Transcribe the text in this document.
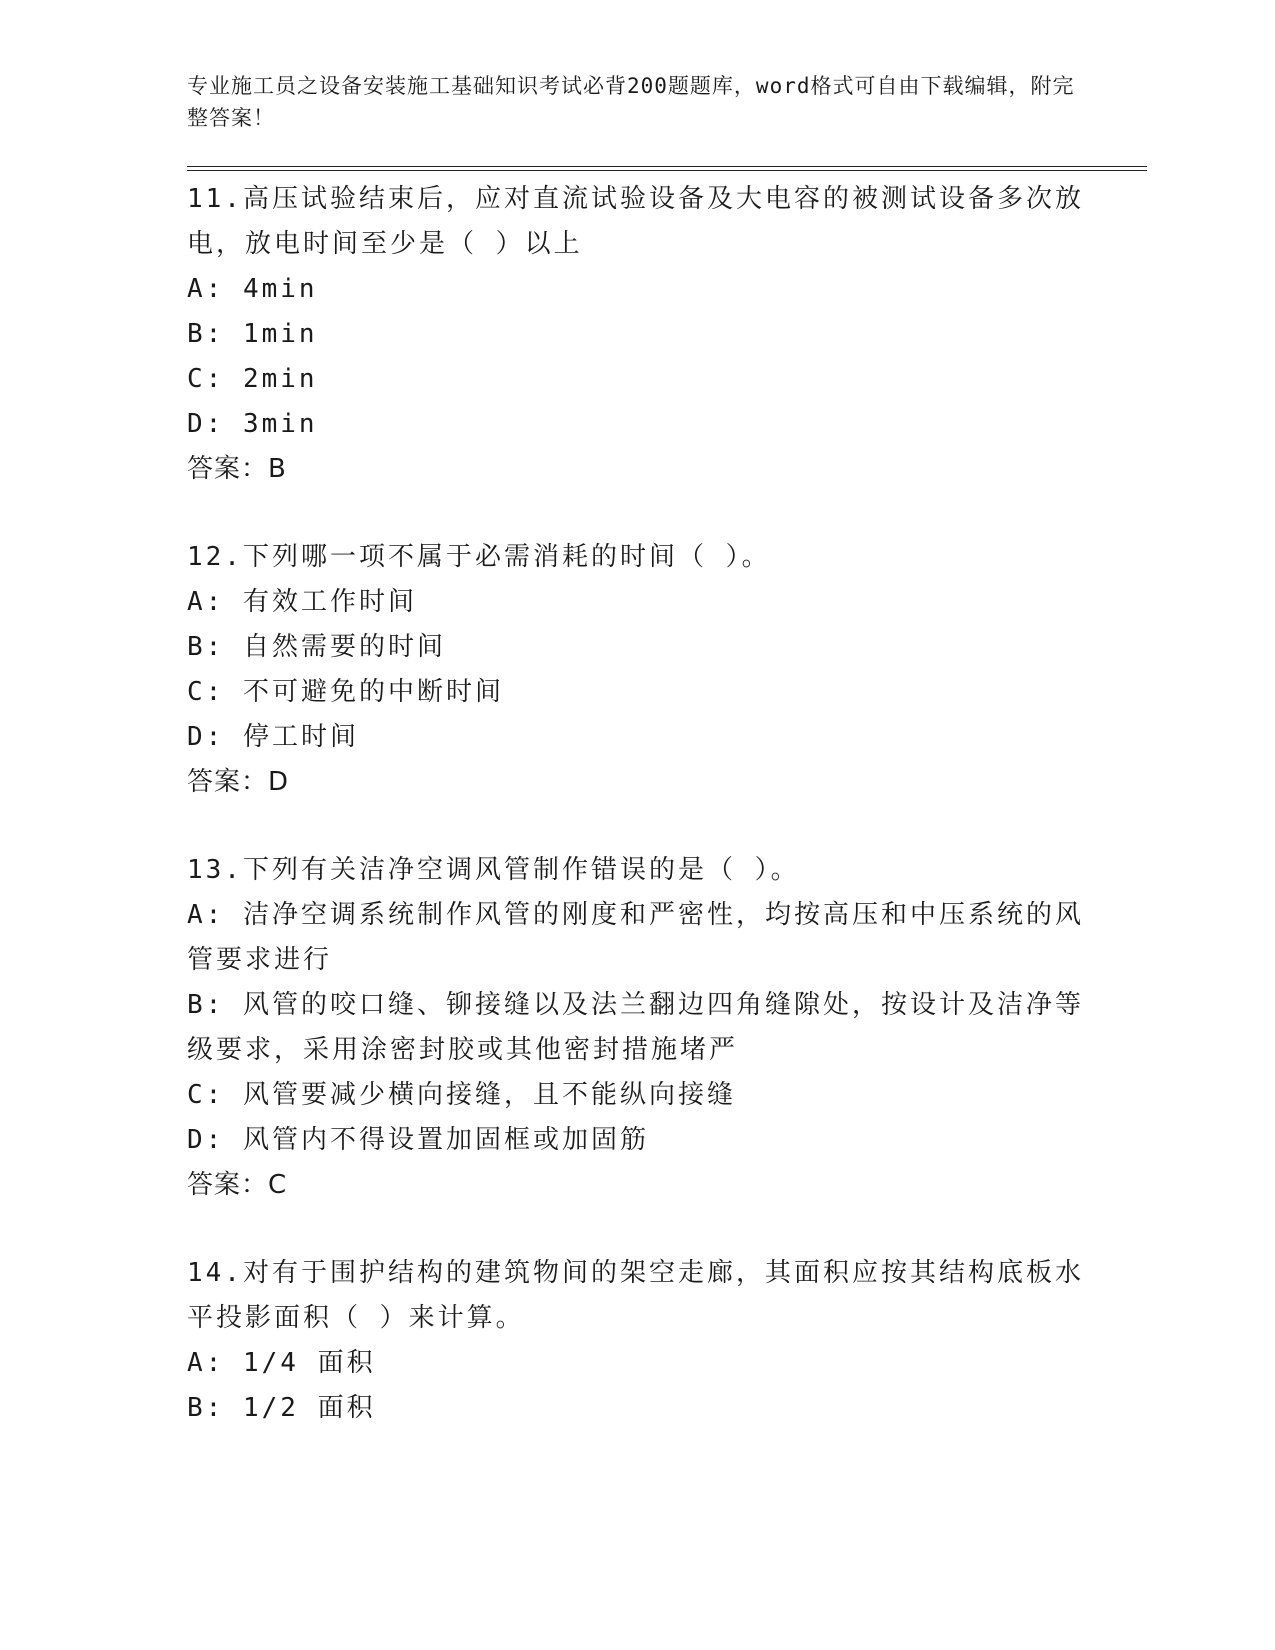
专业施工员之设备安装施工基础知识考试必背200题题库，word格式可自由下载编辑，附完整答案！
11.高压试验结束后，应对直流试验设备及大电容的被测试设备多次放电，放电时间至少是（ ）以上
A: 4min
B: 1min
C: 2min
D: 3min
答案：B
12.下列哪一项不属于必需消耗的时间（ ）。
A: 有效工作时间
B: 自然需要的时间
C: 不可避免的中断时间
D: 停工时间
答案：D
13.下列有关洁净空调风管制作错误的是（ ）。
A: 洁净空调系统制作风管的刚度和严密性，均按高压和中压系统的风管要求进行
B: 风管的咬口缝、铆接缝以及法兰翻边四角缝隙处，按设计及洁净等级要求，采用涂密封胶或其他密封措施堵严
C: 风管要减少横向接缝，且不能纵向接缝
D: 风管内不得设置加固框或加固筋
答案：C
14.对有于围护结构的建筑物间的架空走廊，其面积应按其结构底板水平投影面积（ ）来计算。
A: 1/4 面积
B: 1/2 面积
